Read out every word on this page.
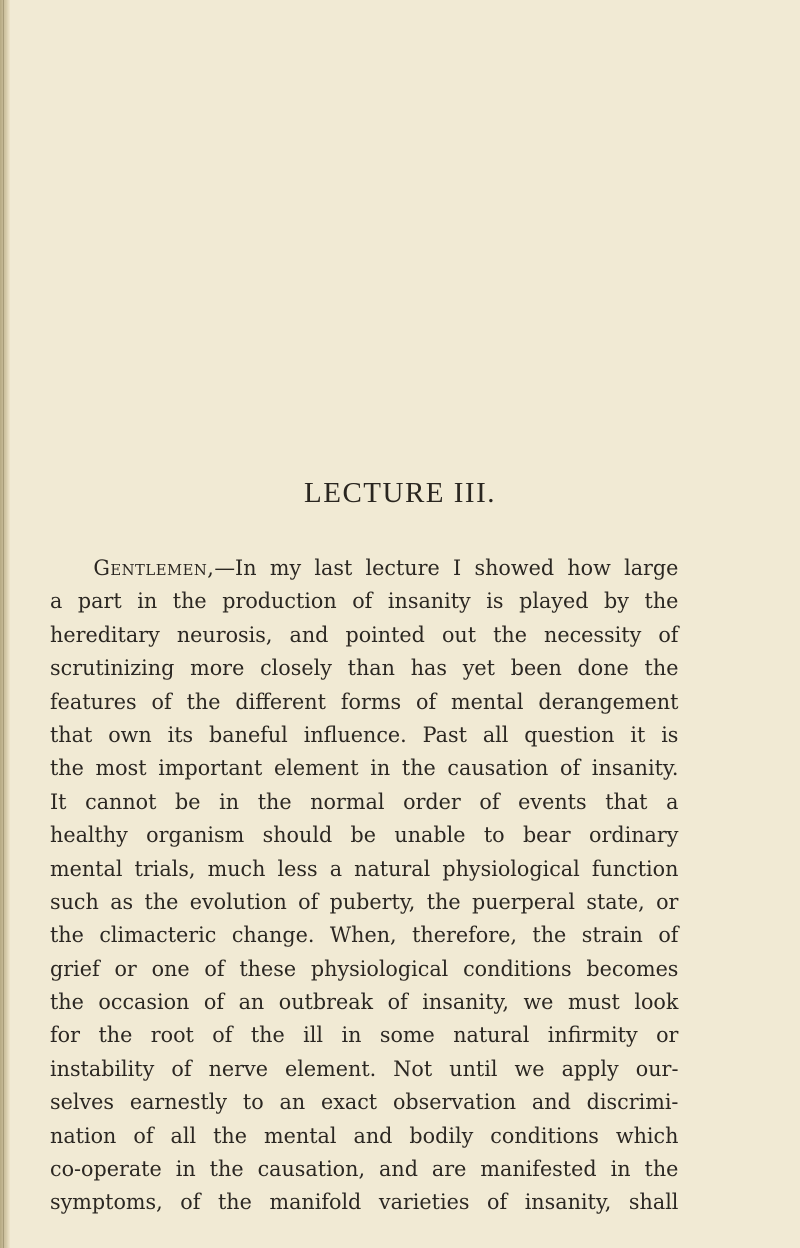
LECTURE III.
Gentlemen,—In my last lecture I showed how large
a part in the production of insanity is played by the
hereditary neurosis, and pointed out the necessity of
scrutinizing more closely than has yet been done the
features of the different forms of mental derangement
that own its baneful influence. Past all question it is
the most important element in the causation of insanity.
It cannot be in the normal order of events that a
healthy organism should be unable to bear ordinary
mental trials, much less a natural physiological function
such as the evolution of puberty, the puerperal state, or
the climacteric change. When, therefore, the strain of
grief or one of these physiological conditions becomes
the occasion of an outbreak of insanity, we must look
for the root of the ill in some natural infirmity or
instability of nerve element. Not until we apply our-
selves earnestly to an exact observation and discrimi-
nation of all the mental and bodily conditions which
co-operate in the causation, and are manifested in the
symptoms, of the manifold varieties of insanity, shall
